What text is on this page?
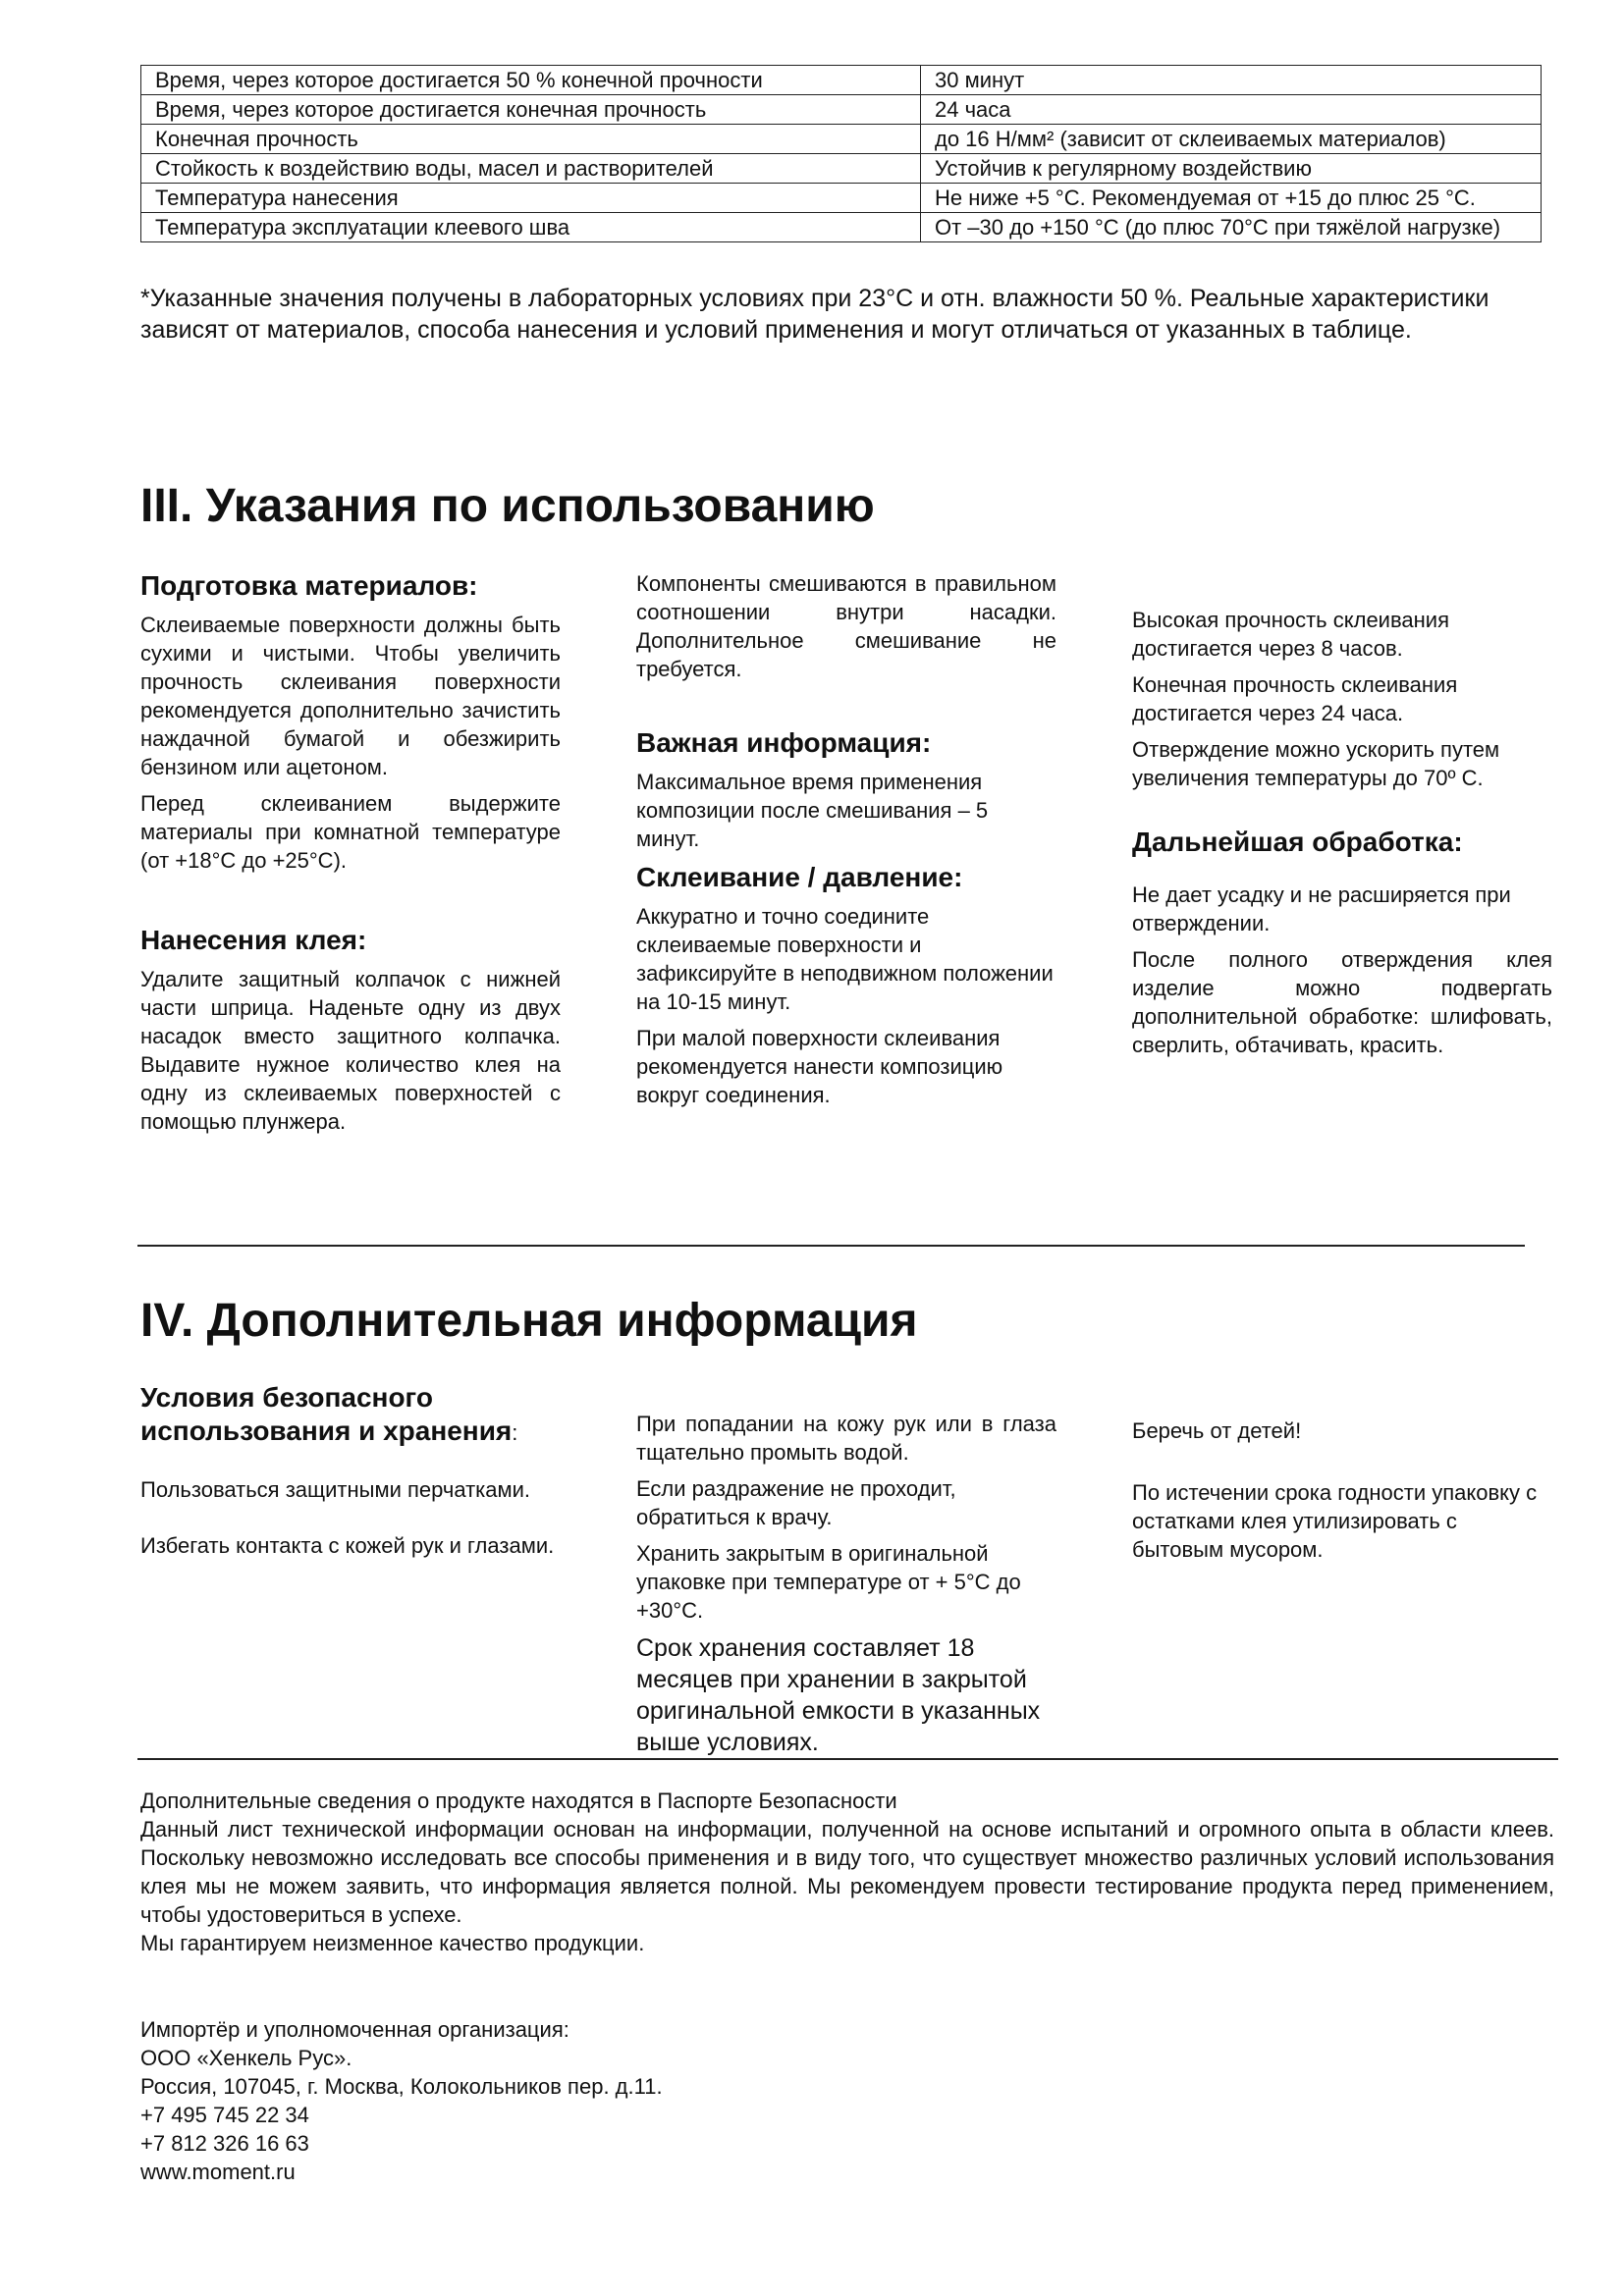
Время, через которое достигается 50 % конечной прочности	30 минут
Время, через которое достигается конечная прочность	24 часа
Конечная прочность	до 16 Н/мм² (зависит от склеиваемых материалов)
Стойкость к воздействию воды, масел и растворителей	Устойчив к регулярному воздействию
Температура нанесения	Не ниже +5 °С. Рекомендуемая от +15 до плюс 25 °С.
Температура эксплуатации клеевого шва	От –30 до +150 °С (до плюс 70°С при тяжёлой нагрузке)
*Указанные значения получены в лабораторных условиях при 23°С и отн. влажности 50 %. Реальные характеристики зависят от материалов, способа нанесения и условий применения и могут отличаться от указанных в таблице.
III. Указания по использованию
Подготовка материалов:

Склеиваемые поверхности должны быть сухими и чистыми. Чтобы увеличить прочность склеивания поверхности рекомендуется дополнительно зачистить наждачной бумагой и обезжирить бензином или ацетоном.

Перед склеиванием выдержите материалы при комнатной температуре (от +18°С до +25°С).

Нанесения клея:

Удалите защитный колпачок с нижней части шприца. Наденьте одну из двух насадок вместо защитного колпачка. Выдавите нужное количество клея на одну из склеиваемых поверхностей с помощью плунжера.

Компоненты смешиваются в правильном соотношении внутри насадки. Дополнительное смешивание не требуется.

Важная информация:

Максимальное время применения композиции после смешивания – 5 минут.

Склеивание / давление:

Аккуратно и точно соедините склеиваемые поверхности и зафиксируйте в неподвижном положении на 10-15 минут.

При малой поверхности склеивания рекомендуется нанести композицию вокруг соединения.

Высокая прочность склеивания достигается через 8 часов.

Конечная прочность склеивания достигается через 24 часа.

Отверждение можно ускорить путем увеличения температуры до 70º С.

Дальнейшая обработка:

Не дает усадку и не расширяется при отверждении.

После полного отверждения клея изделие можно подвергать дополнительной обработке: шлифовать, сверлить, обтачивать, красить.

IV. Дополнительная информация
Условия безопасного использования и хранения:

Пользоваться защитными перчатками.

Избегать контакта с кожей рук и глазами.

При попадании на кожу рук или в глаза тщательно промыть водой.

Если раздражение не проходит, обратиться к врачу.

Хранить закрытым в оригинальной упаковке при температуре от + 5°С до +30°С.

Срок хранения составляет 18 месяцев при хранении в закрытой оригинальной емкости в указанных выше условиях.

Беречь от детей!

По истечении срока годности упаковку с остатками клея утилизировать с бытовым мусором.

Дополнительные сведения о продукте находятся в Паспорте Безопасности
Данный лист технической информации основан на информации, полученной на основе испытаний и огромного опыта в области клеев. Поскольку невозможно исследовать все способы применения и в виду того, что существует множество различных условий использования клея мы не можем заявить, что информация является полной. Мы рекомендуем провести тестирование продукта перед применением, чтобы удостовериться в успехе.
Мы гарантируем неизменное качество продукции.
Импортёр и уполномоченная организация:
ООО «Хенкель Рус».
Россия, 107045, г. Москва, Колокольников пер. д.11.
+7 495 745 22 34
+7 812 326 16 63
www.moment.ru
